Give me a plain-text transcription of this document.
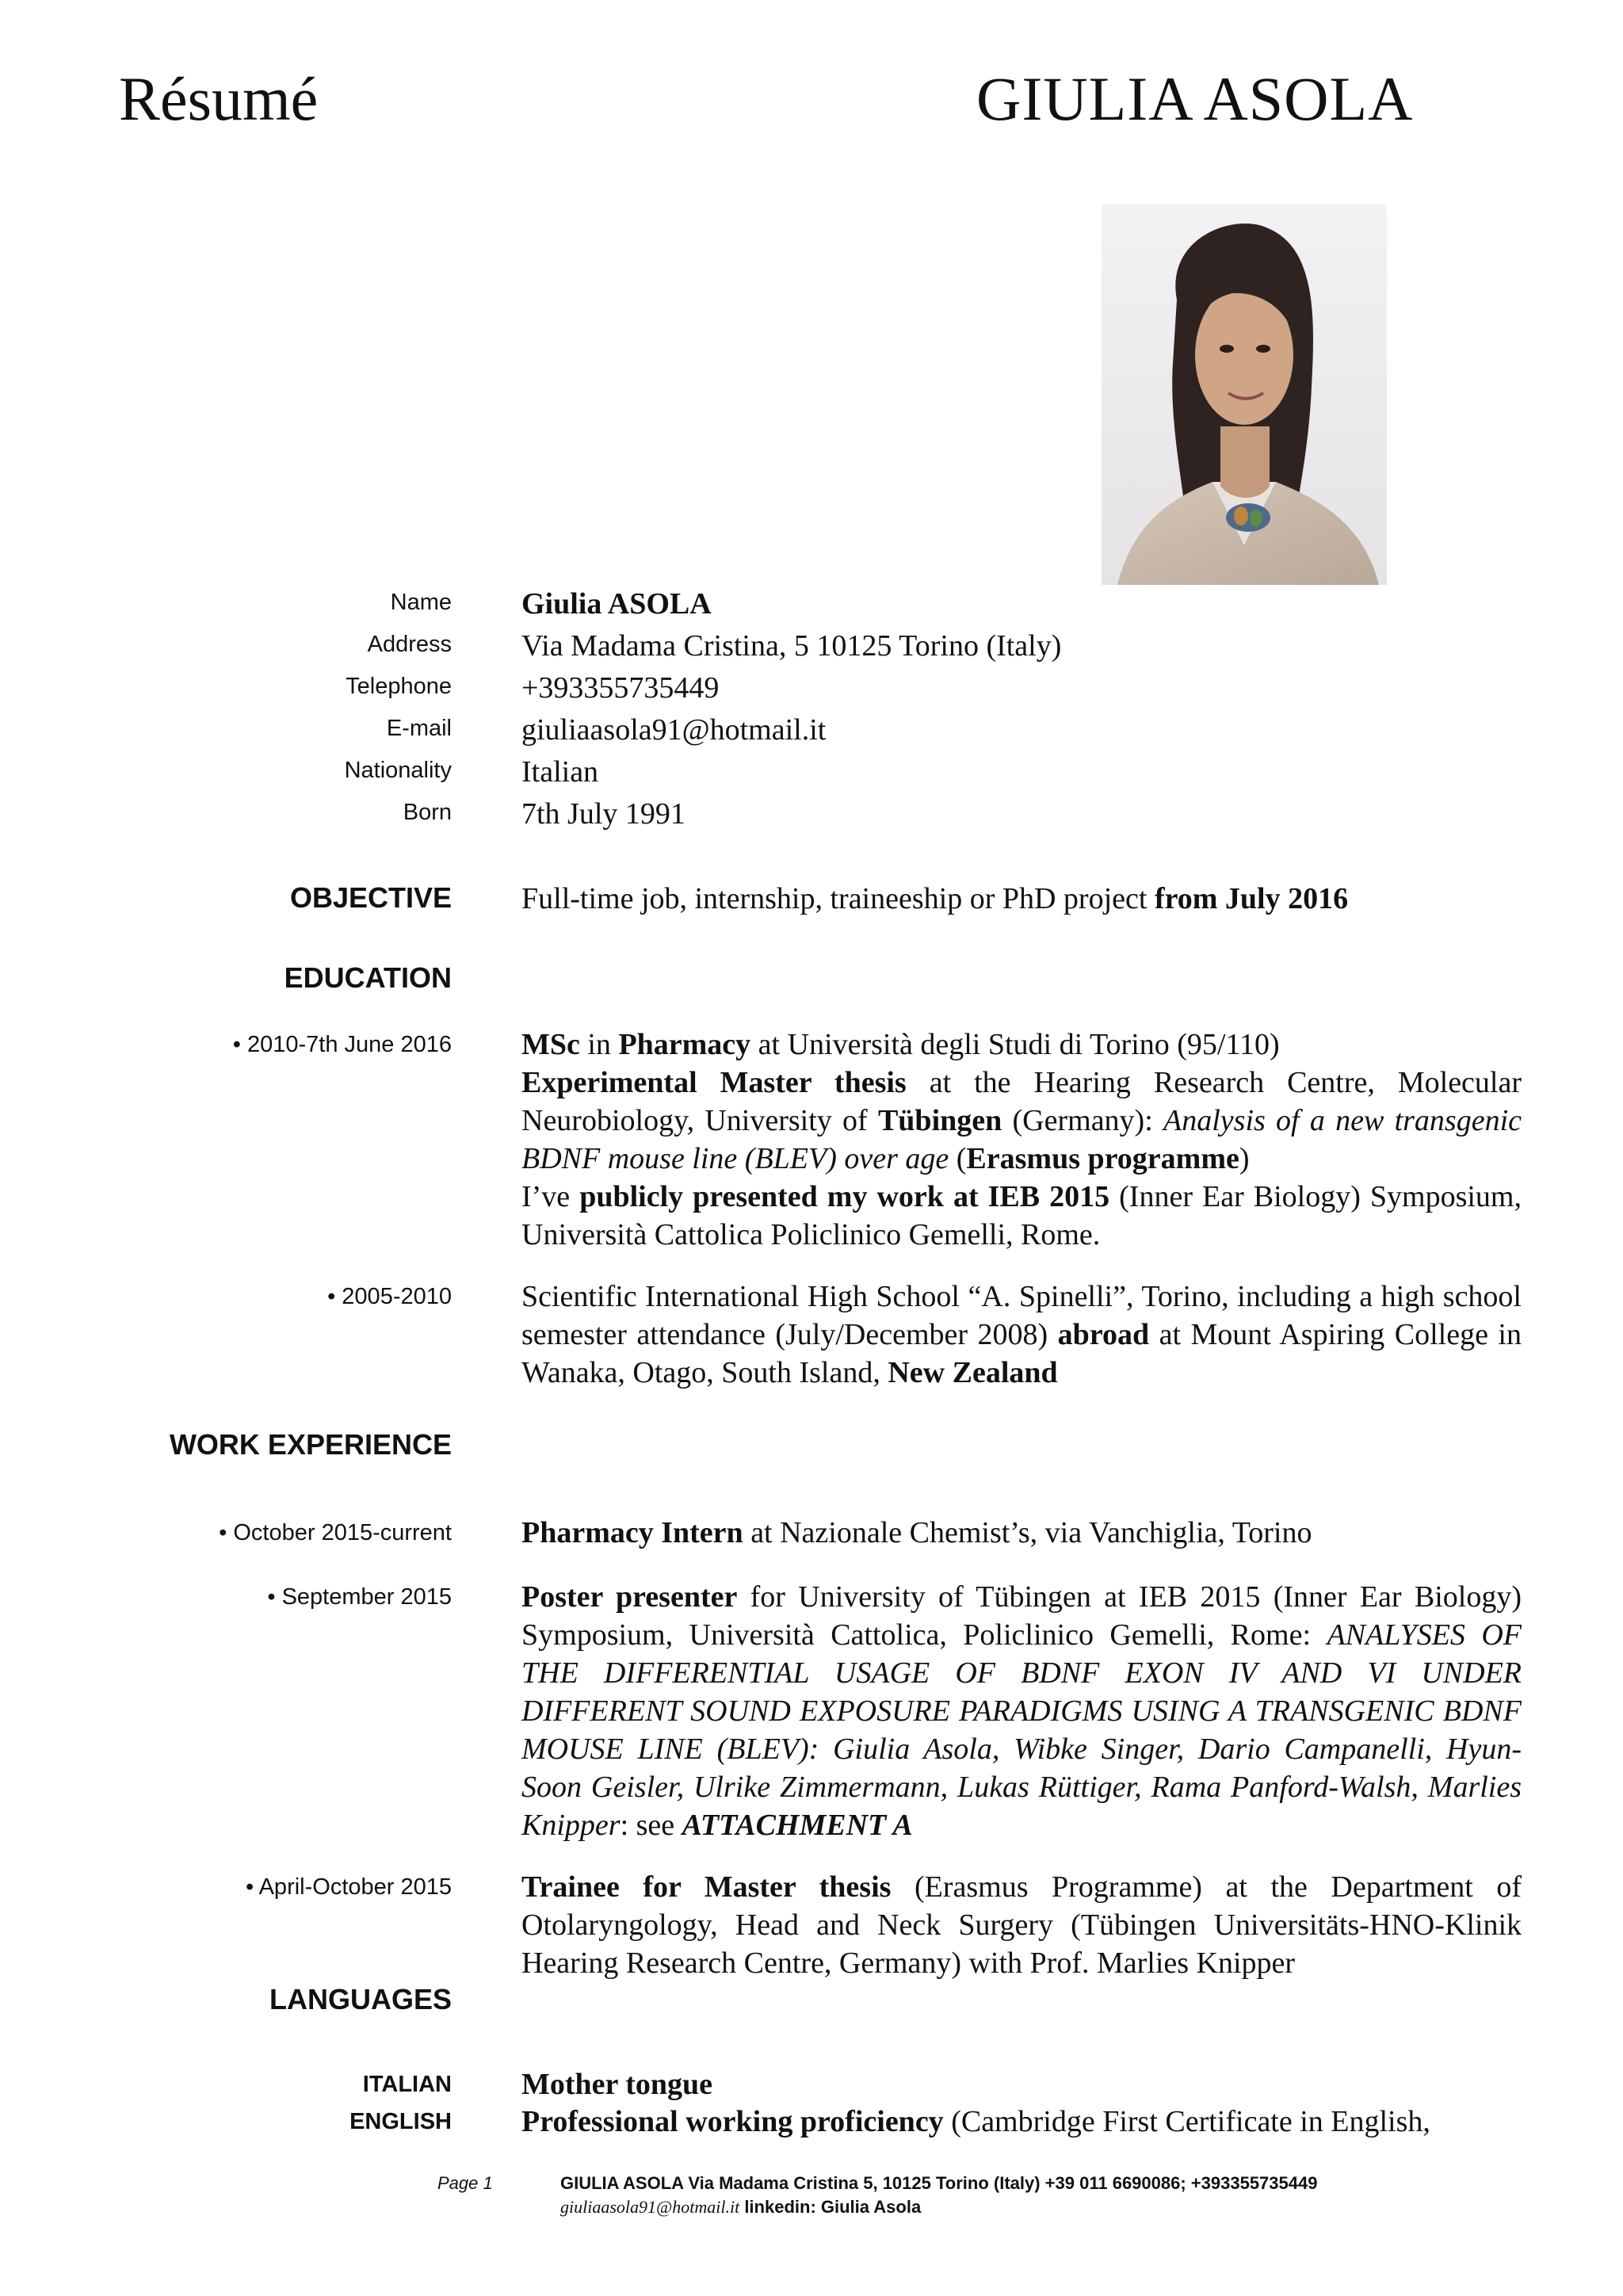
Résumé	GIULIA ASOLA
Name Giulia ASOLA
Address Via Madama Cristina, 5 10125 Torino (Italy)
Telephone +393355735449
E-mail giuliaasola91@hotmail.it
Nationality Italian
Born 7th July 1991
OBJECTIVE Full-time job, internship, traineeship or PhD project from July 2016
EDUCATION
• 2010-7th June 2016 MSc in Pharmacy at Università degli Studi di Torino (95/110)
Experimental Master thesis at the Hearing Research Centre, Molecular Neurobiology, University of Tübingen (Germany): Analysis of a new transgenic BDNF mouse line (BLEV) over age (Erasmus programme)
I’ve publicly presented my work at IEB 2015 (Inner Ear Biology) Symposium, Università Cattolica Policlinico Gemelli, Rome.
• 2005-2010 Scientific International High School “A. Spinelli”, Torino, including a high school semester attendance (July/December 2008) abroad at Mount Aspiring College in Wanaka, Otago, South Island, New Zealand
WORK EXPERIENCE
• October 2015-current Pharmacy Intern at Nazionale Chemist’s, via Vanchiglia, Torino
• September 2015 Poster presenter for University of Tübingen at IEB 2015 (Inner Ear Biology) Symposium, Università Cattolica, Policlinico Gemelli, Rome: ANALYSES OF THE DIFFERENTIAL USAGE OF BDNF EXON IV AND VI UNDER DIFFERENT SOUND EXPOSURE PARADIGMS USING A TRANSGENIC BDNF MOUSE LINE (BLEV): Giulia Asola, Wibke Singer, Dario Campanelli, Hyun-Soon Geisler, Ulrike Zimmermann, Lukas Rüttiger, Rama Panford-Walsh, Marlies Knipper: see ATTACHMENT A
• April-October 2015 Trainee for Master thesis (Erasmus Programme) at the Department of Otolaryngology, Head and Neck Surgery (Tübingen Universitäts-HNO-Klinik Hearing Research Centre, Germany) with Prof. Marlies Knipper
LANGUAGES
ITALIAN Mother tongue
ENGLISH Professional working proficiency (Cambridge First Certificate in English,
Page 1	GIULIA ASOLA Via Madama Cristina 5, 10125 Torino (Italy) +39 011 6690086; +393355735449
giuliaasola91@hotmail.it linkedin: Giulia Asola
